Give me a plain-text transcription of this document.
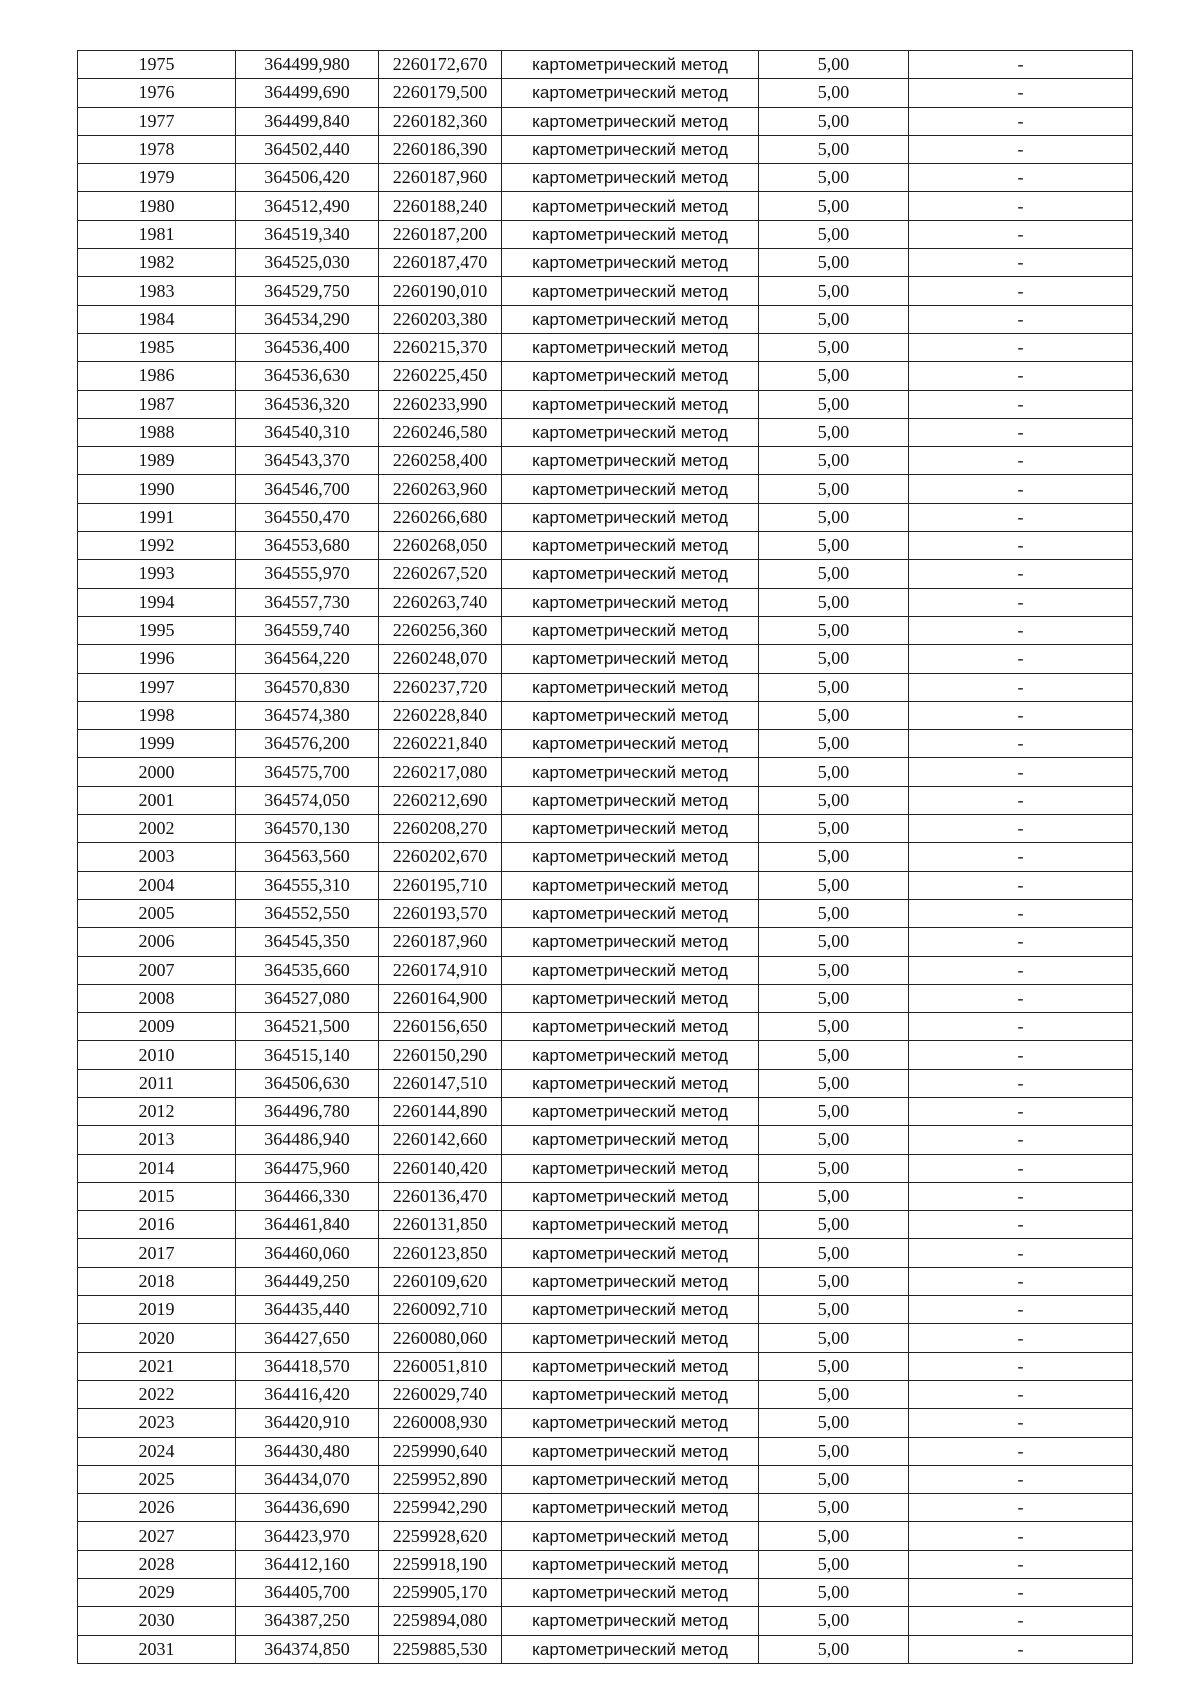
1975	364499,980	2260172,670	картометрический метод	5,00	-
1976	364499,690	2260179,500	картометрический метод	5,00	-
1977	364499,840	2260182,360	картометрический метод	5,00	-
1978	364502,440	2260186,390	картометрический метод	5,00	-
1979	364506,420	2260187,960	картометрический метод	5,00	-
1980	364512,490	2260188,240	картометрический метод	5,00	-
1981	364519,340	2260187,200	картометрический метод	5,00	-
1982	364525,030	2260187,470	картометрический метод	5,00	-
1983	364529,750	2260190,010	картометрический метод	5,00	-
1984	364534,290	2260203,380	картометрический метод	5,00	-
1985	364536,400	2260215,370	картометрический метод	5,00	-
1986	364536,630	2260225,450	картометрический метод	5,00	-
1987	364536,320	2260233,990	картометрический метод	5,00	-
1988	364540,310	2260246,580	картометрический метод	5,00	-
1989	364543,370	2260258,400	картометрический метод	5,00	-
1990	364546,700	2260263,960	картометрический метод	5,00	-
1991	364550,470	2260266,680	картометрический метод	5,00	-
1992	364553,680	2260268,050	картометрический метод	5,00	-
1993	364555,970	2260267,520	картометрический метод	5,00	-
1994	364557,730	2260263,740	картометрический метод	5,00	-
1995	364559,740	2260256,360	картометрический метод	5,00	-
1996	364564,220	2260248,070	картометрический метод	5,00	-
1997	364570,830	2260237,720	картометрический метод	5,00	-
1998	364574,380	2260228,840	картометрический метод	5,00	-
1999	364576,200	2260221,840	картометрический метод	5,00	-
2000	364575,700	2260217,080	картометрический метод	5,00	-
2001	364574,050	2260212,690	картометрический метод	5,00	-
2002	364570,130	2260208,270	картометрический метод	5,00	-
2003	364563,560	2260202,670	картометрический метод	5,00	-
2004	364555,310	2260195,710	картометрический метод	5,00	-
2005	364552,550	2260193,570	картометрический метод	5,00	-
2006	364545,350	2260187,960	картометрический метод	5,00	-
2007	364535,660	2260174,910	картометрический метод	5,00	-
2008	364527,080	2260164,900	картометрический метод	5,00	-
2009	364521,500	2260156,650	картометрический метод	5,00	-
2010	364515,140	2260150,290	картометрический метод	5,00	-
2011	364506,630	2260147,510	картометрический метод	5,00	-
2012	364496,780	2260144,890	картометрический метод	5,00	-
2013	364486,940	2260142,660	картометрический метод	5,00	-
2014	364475,960	2260140,420	картометрический метод	5,00	-
2015	364466,330	2260136,470	картометрический метод	5,00	-
2016	364461,840	2260131,850	картометрический метод	5,00	-
2017	364460,060	2260123,850	картометрический метод	5,00	-
2018	364449,250	2260109,620	картометрический метод	5,00	-
2019	364435,440	2260092,710	картометрический метод	5,00	-
2020	364427,650	2260080,060	картометрический метод	5,00	-
2021	364418,570	2260051,810	картометрический метод	5,00	-
2022	364416,420	2260029,740	картометрический метод	5,00	-
2023	364420,910	2260008,930	картометрический метод	5,00	-
2024	364430,480	2259990,640	картометрический метод	5,00	-
2025	364434,070	2259952,890	картометрический метод	5,00	-
2026	364436,690	2259942,290	картометрический метод	5,00	-
2027	364423,970	2259928,620	картометрический метод	5,00	-
2028	364412,160	2259918,190	картометрический метод	5,00	-
2029	364405,700	2259905,170	картометрический метод	5,00	-
2030	364387,250	2259894,080	картометрический метод	5,00	-
2031	364374,850	2259885,530	картометрический метод	5,00	-
